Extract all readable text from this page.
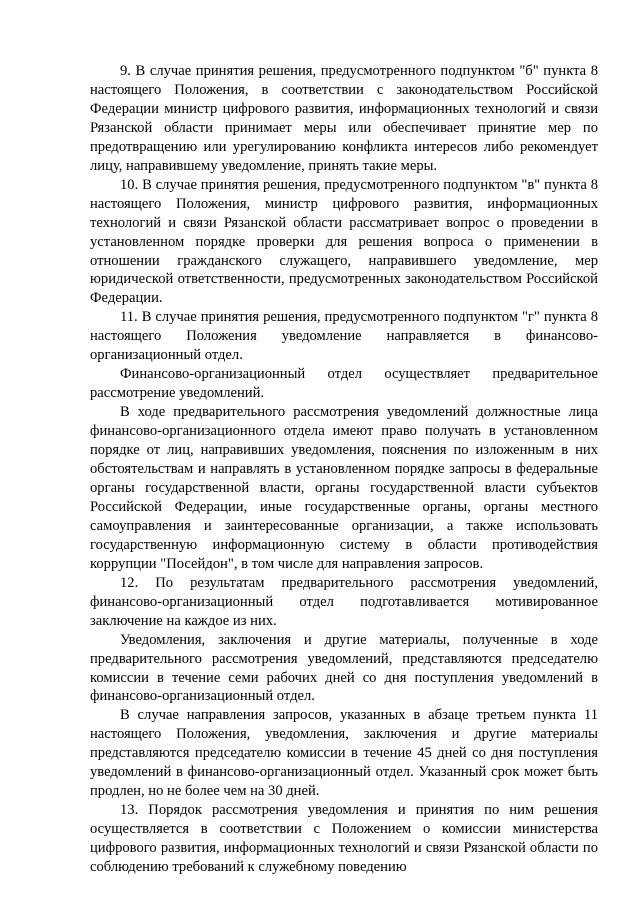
9. В случае принятия решения, предусмотренного подпунктом "б" пункта 8 настоящего Положения, в соответствии с законодательством Российской Федерации министр цифрового развития, информационных технологий и связи Рязанской области принимает меры или обеспечивает принятие мер по предотвращению или урегулированию конфликта интересов либо рекомендует лицу, направившему уведомление, принять такие меры.

10. В случае принятия решения, предусмотренного подпунктом "в" пункта 8 настоящего Положения, министр цифрового развития, информационных технологий и связи Рязанской области рассматривает вопрос о проведении в установленном порядке проверки для решения вопроса о применении в отношении гражданского служащего, направившего уведомление, мер юридической ответственности, предусмотренных законодательством Российской Федерации.

11. В случае принятия решения, предусмотренного подпунктом "г" пункта 8 настоящего Положения уведомление направляется в финансово-организационный отдел.

Финансово-организационный отдел осуществляет предварительное рассмотрение уведомлений.

В ходе предварительного рассмотрения уведомлений должностные лица финансово-организационного отдела имеют право получать в установленном порядке от лиц, направивших уведомления, пояснения по изложенным в них обстоятельствам и направлять в установленном порядке запросы в федеральные органы государственной власти, органы государственной власти субъектов Российской Федерации, иные государственные органы, органы местного самоуправления и заинтересованные организации, а также использовать государственную информационную систему в области противодействия коррупции "Посейдон", в том числе для направления запросов.

12. По результатам предварительного рассмотрения уведомлений, финансово-организационный отдел подготавливается мотивированное заключение на каждое из них.

Уведомления, заключения и другие материалы, полученные в ходе предварительного рассмотрения уведомлений, представляются председателю комиссии в течение семи рабочих дней со дня поступления уведомлений в финансово-организационный отдел.

В случае направления запросов, указанных в абзаце третьем пункта 11 настоящего Положения, уведомления, заключения и другие материалы представляются председателю комиссии в течение 45 дней со дня поступления уведомлений в финансово-организационный отдел. Указанный срок может быть продлен, но не более чем на 30 дней.

13. Порядок рассмотрения уведомления и принятия по ним решения осуществляется в соответствии с Положением о комиссии министерства цифрового развития, информационных технологий и связи Рязанской области по соблюдению требований к служебному поведению
